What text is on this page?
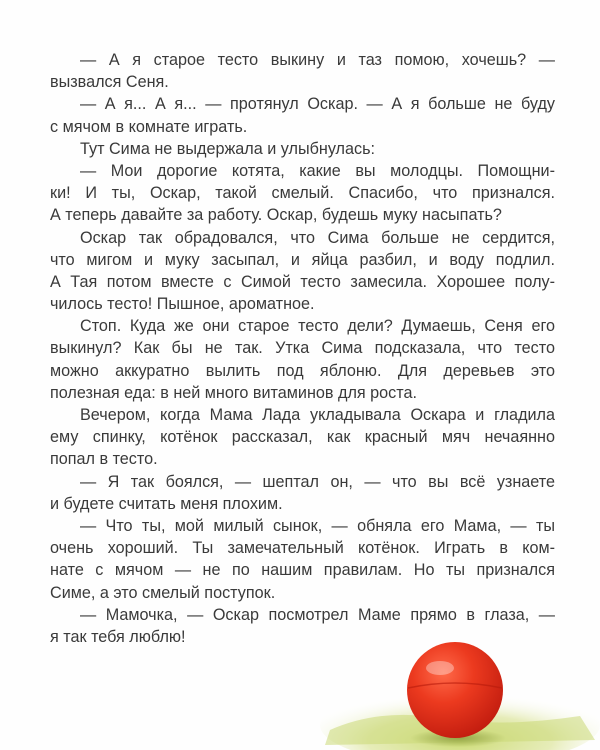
— А я старое тесто выкину и таз помою, хочешь? —
вызвался Сеня.
— А я... А я... — протянул Оскар. — А я больше не буду
с мячом в комнате играть.
Тут Сима не выдержала и улыбнулась:
— Мои дорогие котята, какие вы молодцы. Помощни-
ки! И ты, Оскар, такой смелый. Спасибо, что признался.
А теперь давайте за работу. Оскар, будешь муку насыпать?
Оскар так обрадовался, что Сима больше не сердится,
что мигом и муку засыпал, и яйца разбил, и воду подлил.
А Тая потом вместе с Симой тесто замесила. Хорошее полу-
чилось тесто! Пышное, ароматное.
Стоп. Куда же они старое тесто дели? Думаешь, Сеня его
выкинул? Как бы не так. Утка Сима подсказала, что тесто
можно аккуратно вылить под яблоню. Для деревьев это
полезная еда: в ней много витаминов для роста.
Вечером, когда Мама Лада укладывала Оскара и гладила
ему спинку, котёнок рассказал, как красный мяч нечаянно
попал в тесто.
— Я так боялся, — шептал он, — что вы всё узнаете
и будете считать меня плохим.
— Что ты, мой милый сынок, — обняла его Мама, — ты
очень хороший. Ты замечательный котёнок. Играть в ком-
нате с мячом — не по нашим правилам. Но ты признался
Симе, а это смелый поступок.
— Мамочка, — Оскар посмотрел Маме прямо в глаза, —
я так тебя люблю!
